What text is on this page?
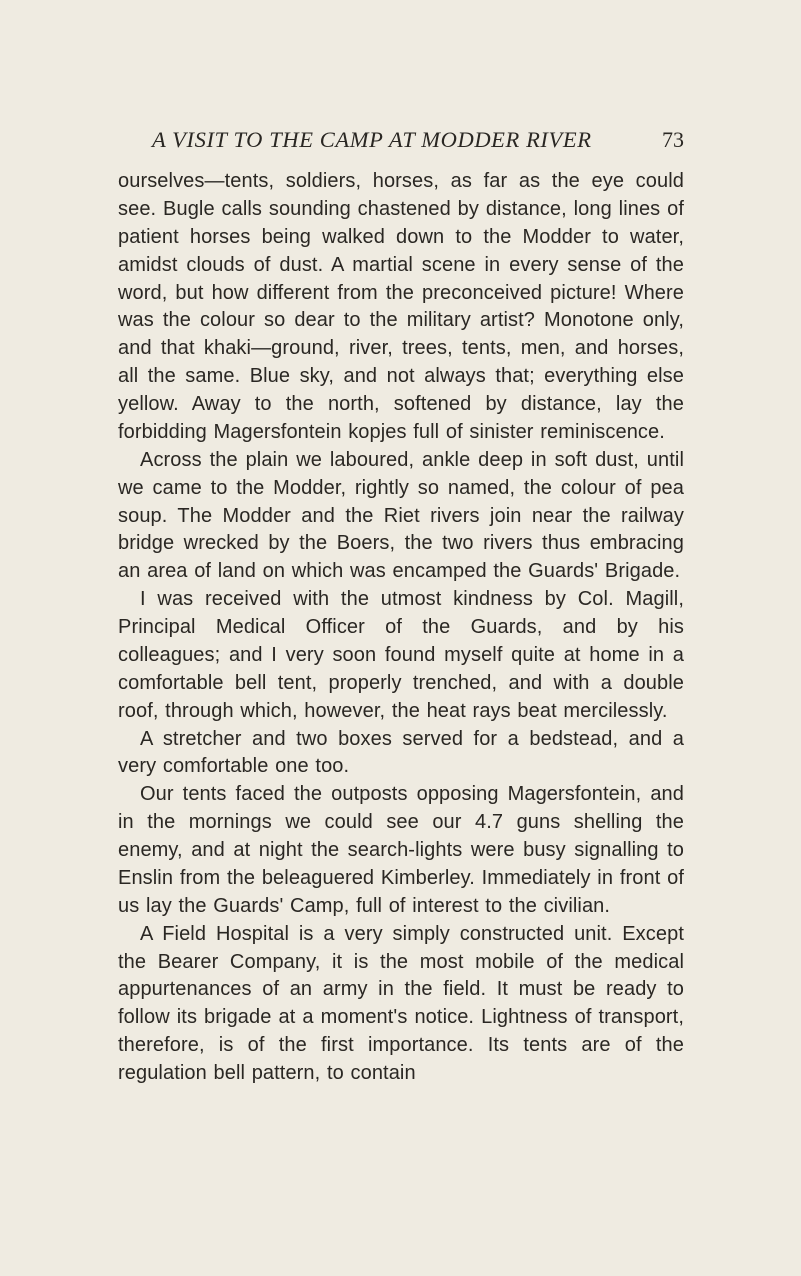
A VISIT TO THE CAMP AT MODDER RIVER	73

ourselves—tents, soldiers, horses, as far as the eye could see. Bugle calls sounding chastened by distance, long lines of patient horses being walked down to the Modder to water, amidst clouds of dust. A martial scene in every sense of the word, but how different from the preconceived picture! Where was the colour so dear to the military artist? Monotone only, and that khaki—ground, river, trees, tents, men, and horses, all the same. Blue sky, and not always that; everything else yellow. Away to the north, softened by distance, lay the forbidding Magersfontein kopjes full of sinister reminiscence.

Across the plain we laboured, ankle deep in soft dust, until we came to the Modder, rightly so named, the colour of pea soup. The Modder and the Riet rivers join near the railway bridge wrecked by the Boers, the two rivers thus embracing an area of land on which was encamped the Guards' Brigade.

I was received with the utmost kindness by Col. Magill, Principal Medical Officer of the Guards, and by his colleagues; and I very soon found myself quite at home in a comfortable bell tent, properly trenched, and with a double roof, through which, however, the heat rays beat mercilessly.

A stretcher and two boxes served for a bedstead, and a very comfortable one too.

Our tents faced the outposts opposing Magersfontein, and in the mornings we could see our 4.7 guns shelling the enemy, and at night the search-lights were busy signalling to Enslin from the beleaguered Kimberley. Immediately in front of us lay the Guards' Camp, full of interest to the civilian.

A Field Hospital is a very simply constructed unit. Except the Bearer Company, it is the most mobile of the medical appurtenances of an army in the field. It must be ready to follow its brigade at a moment's notice. Lightness of transport, therefore, is of the first importance. Its tents are of the regulation bell pattern, to contain
